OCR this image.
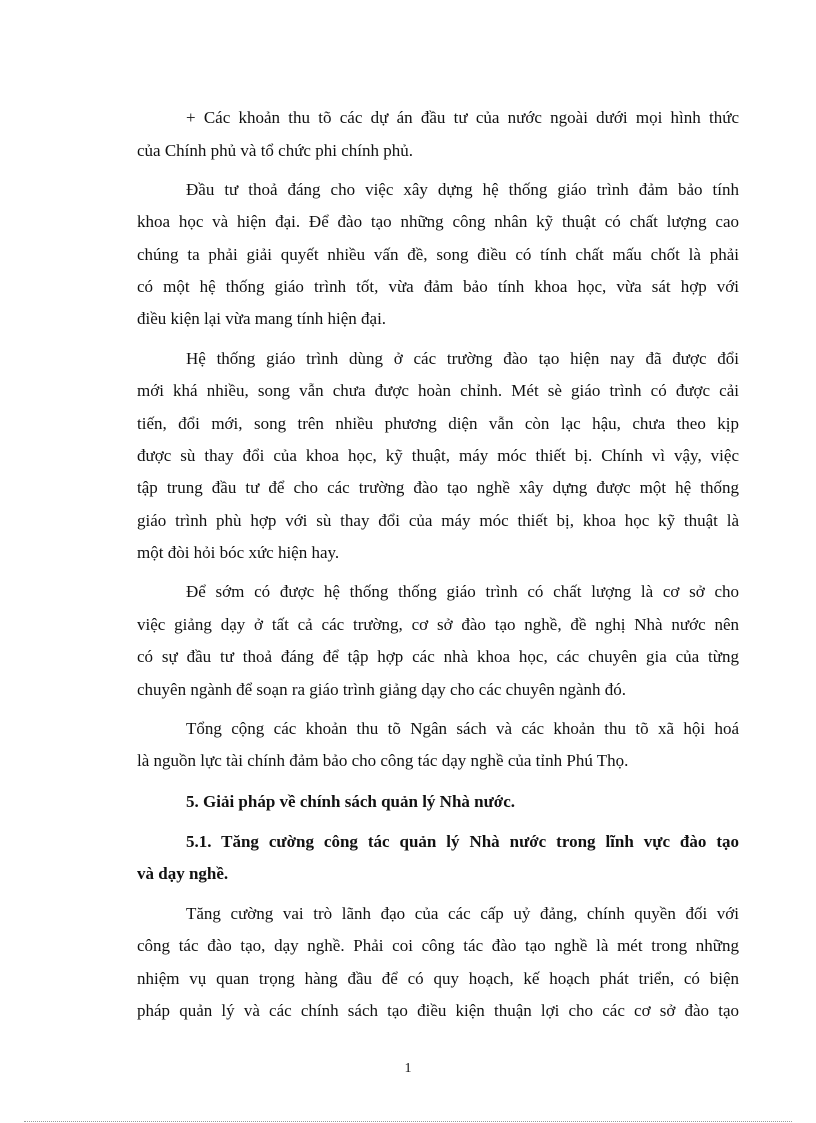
+ Các khoản thu tõ các dự án đầu tư của nước ngoài dưới mọi hình thức

của Chính phủ và tổ chức phi chính phủ.

Đầu tư thoả đáng cho việc xây dựng hệ thống giáo trình đảm bảo tính

khoa học và hiện đại. Để đào tạo những công nhân kỹ thuật có chất lượng cao

chúng ta phải giải quyết nhiều vấn đề, song điều có tính chất mấu chốt là phải

có một hệ thống giáo trình tốt, vừa đảm bảo tính khoa học, vừa sát hợp với

điều kiện lại vừa mang tính hiện đại.

Hệ thống giáo trình dùng ở các trường đào tạo hiện nay đã được đổi

mới khá nhiều, song vẫn chưa được hoàn chỉnh. Mét sè giáo trình có được cải

tiến, đổi mới, song trên nhiều phương diện vẫn còn lạc hậu, chưa theo kịp

được sù thay đổi của khoa học, kỹ thuật, máy móc thiết bị. Chính vì vậy, việc

tập trung đầu tư để cho các trường đào tạo nghề xây dựng được một hệ thống

giáo trình phù hợp với sù thay đổi của máy móc thiết bị, khoa học kỹ thuật là

một đòi hỏi bóc xức hiện hay.

Để sớm có được hệ thống thống giáo trình có chất lượng là cơ sở cho

việc giảng dạy ở tất cả các trường, cơ sở đào tạo nghề, đề nghị Nhà nước nên

có sự đầu tư thoả đáng để tập hợp các nhà khoa học, các chuyên gia của từng

chuyên ngành để soạn ra giáo trình giảng dạy cho các chuyên ngành đó.

Tổng cộng các khoản thu tõ Ngân sách và các khoản thu tõ xã hội hoá

là nguồn lực tài chính đảm bảo cho công tác dạy nghề của tỉnh Phú Thọ.

5. Giải pháp về chính sách quản lý Nhà nước.

5.1. Tăng cường công tác quản lý Nhà nước trong lĩnh vực đào tạo

và dạy nghề.

Tăng cường vai trò lãnh đạo của các cấp uỷ đảng, chính quyền đối với

công tác đào tạo, dạy nghề. Phải coi công tác đào tạo nghề là mét trong những

nhiệm vụ quan trọng hàng đầu để có quy hoạch, kế hoạch phát triển, có biện

pháp quản lý và các chính sách tạo điều kiện thuận lợi cho các cơ sở đào tạo

1
